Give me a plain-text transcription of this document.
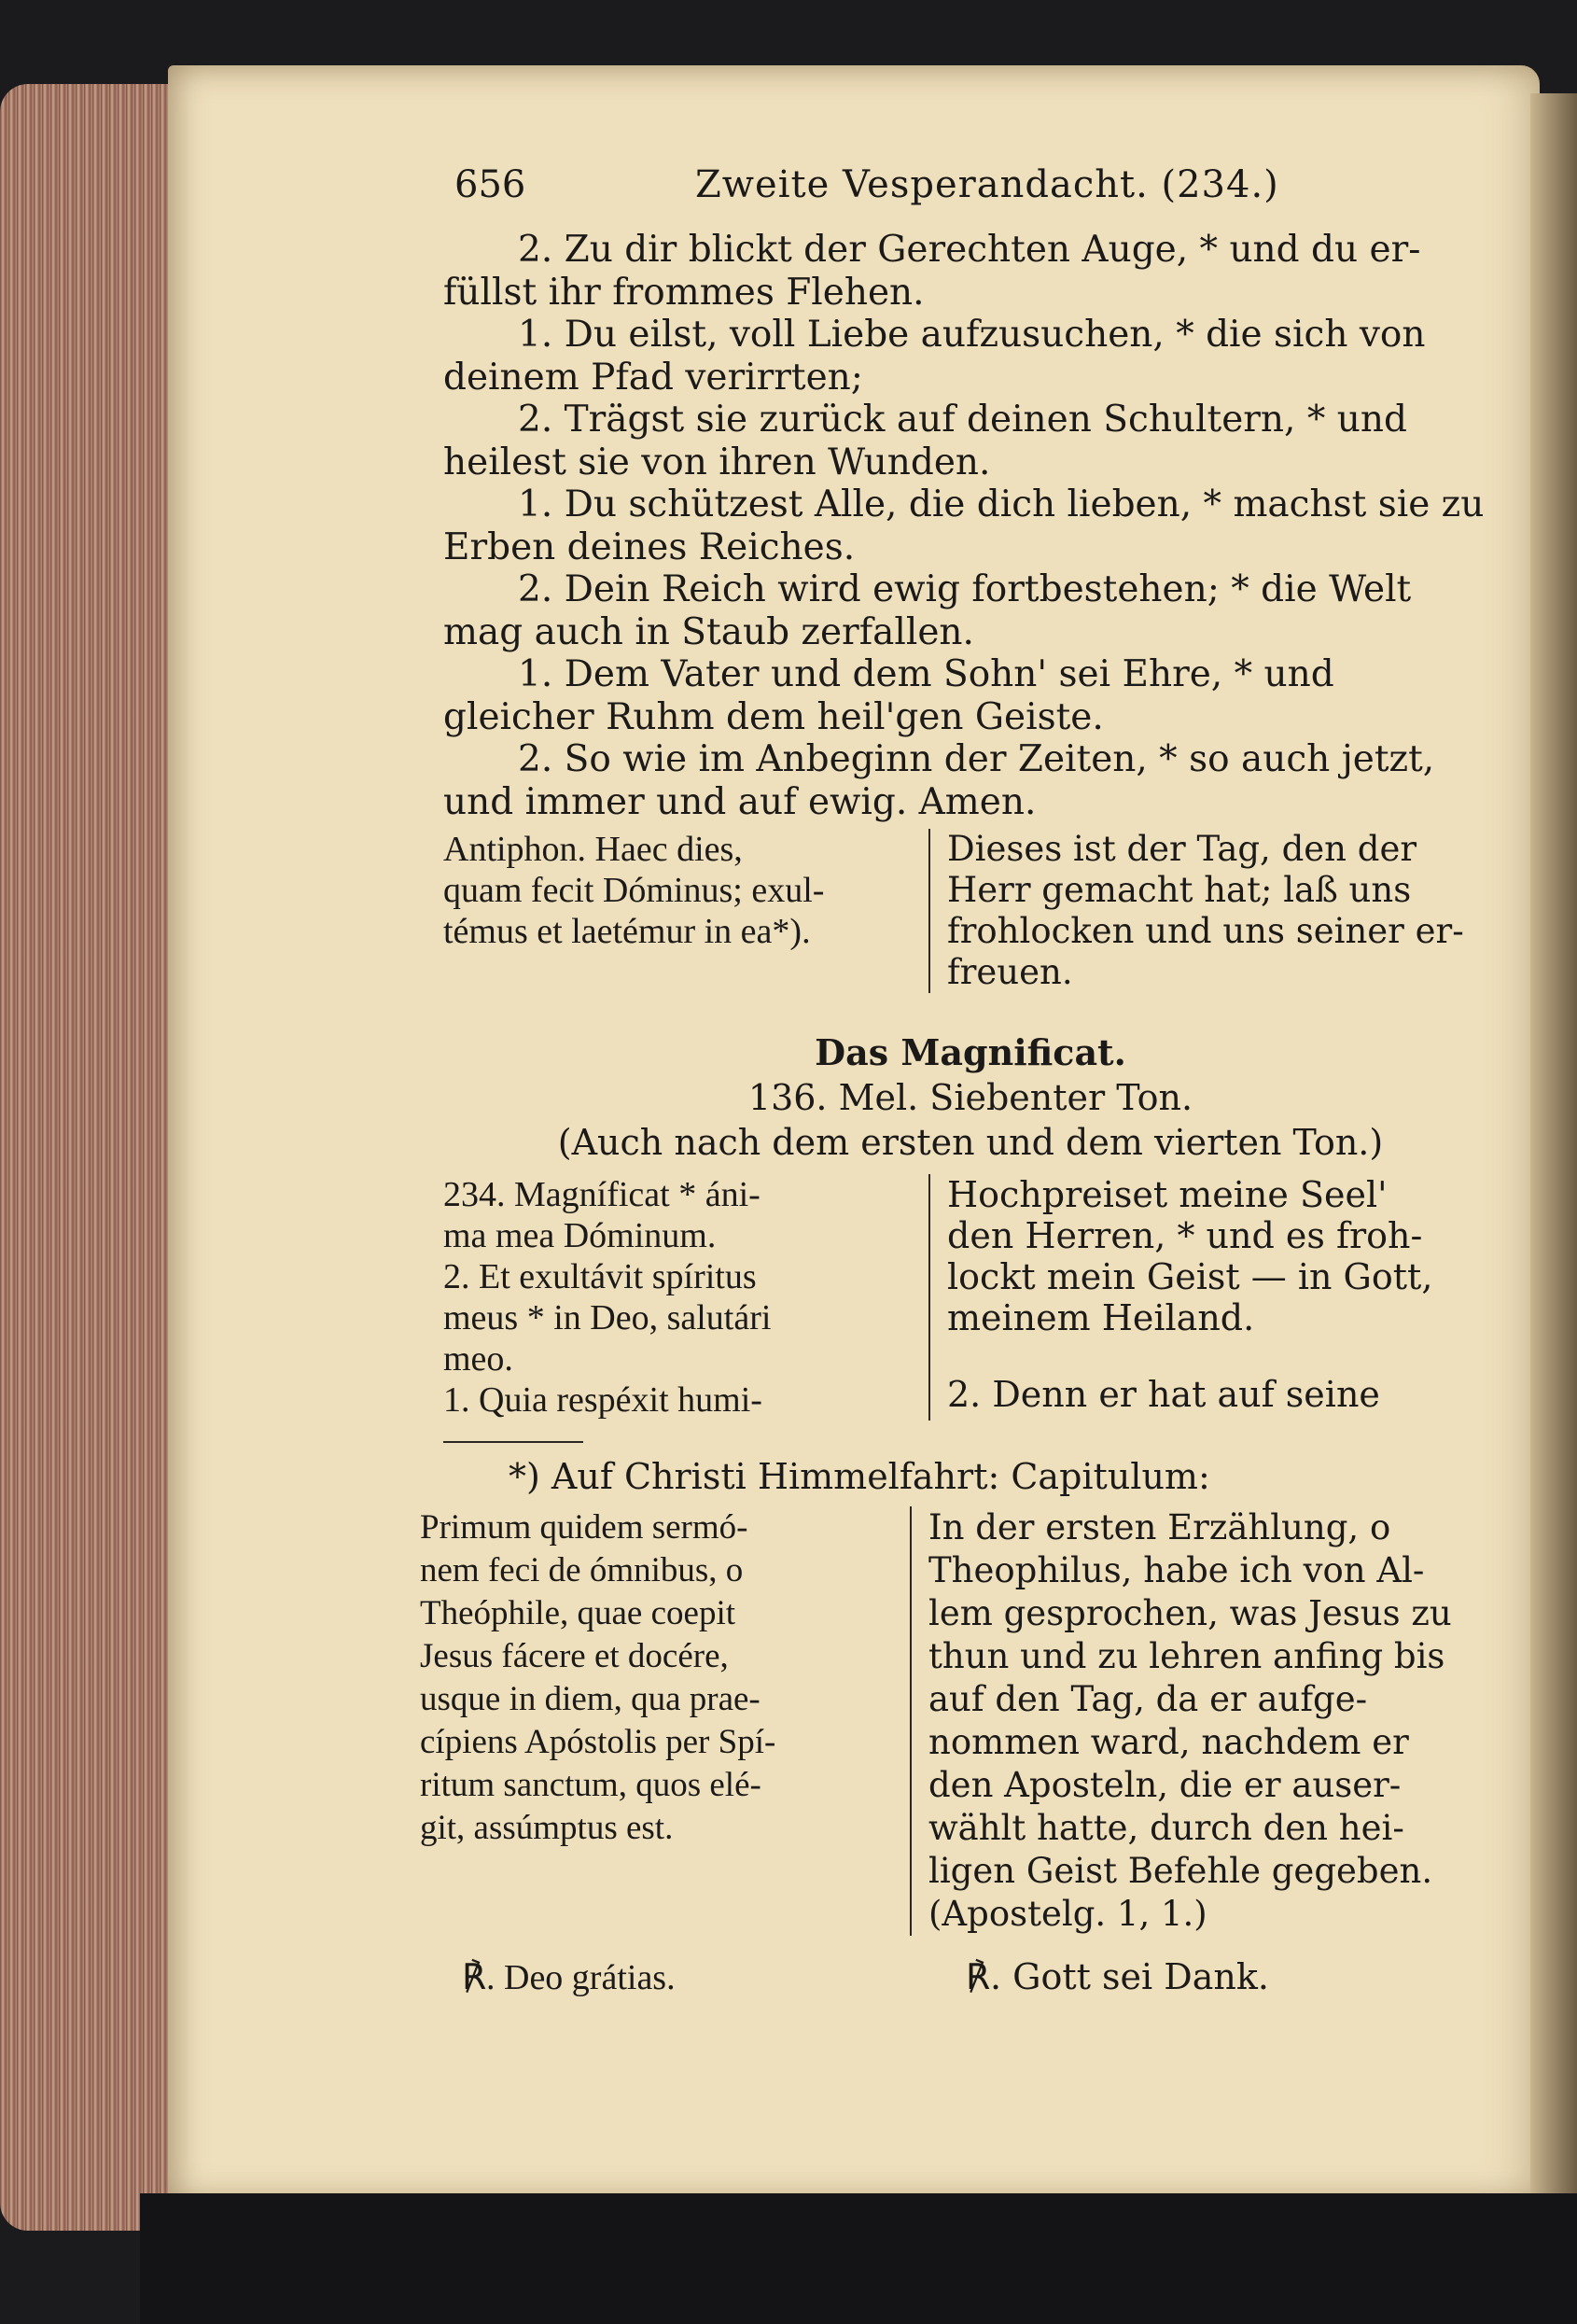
656	Zweite Vesperandacht. (234.)
2. Zu dir blickt der Gerechten Auge, * und du er-
füllst ihr frommes Flehen.
1. Du eilst, voll Liebe aufzusuchen, * die sich von
deinem Pfad verirrten;
2. Trägst sie zurück auf deinen Schultern, * und
heilest sie von ihren Wunden.
1. Du schützest Alle, die dich lieben, * machst sie zu
Erben deines Reiches.
2. Dein Reich wird ewig fortbestehen; * die Welt
mag auch in Staub zerfallen.
1. Dem Vater und dem Sohn' sei Ehre, * und
gleicher Ruhm dem heil'gen Geiste.
2. So wie im Anbeginn der Zeiten, * so auch jetzt,
und immer und auf ewig. Amen.
Antiphon. Haec dies,
quam fecit Dóminus; exul-
témus et laetémur in ea*).
Dieses ist der Tag, den der
Herr gemacht hat; laß uns
frohlocken und uns seiner er-
freuen.
Das Magnificat.
136. Mel. Siebenter Ton.
(Auch nach dem ersten und dem vierten Ton.)
234. Magníficat * áni-
ma mea Dóminum.
2. Et exultávit spíritus
meus * in Deo, salutári
meo.
1. Quia respéxit humi-
Hochpreiset meine Seel'
den Herren, * und es froh-
lockt mein Geist — in Gott,
meinem Heiland.
2. Denn er hat auf seine
*) Auf Christi Himmelfahrt: Capitulum:
Primum quidem sermó-
nem feci de ómnibus, o
Theóphile, quae coepit
Jesus fácere et docére,
usque in diem, qua prae-
cípiens Apóstolis per Spí-
ritum sanctum, quos elé-
git, assúmptus est.
In der ersten Erzählung, o
Theophilus, habe ich von Al-
lem gesprochen, was Jesus zu
thun und zu lehren anfing bis
auf den Tag, da er aufge-
nommen ward, nachdem er
den Aposteln, die er auser-
wählt hatte, durch den hei-
ligen Geist Befehle gegeben.
(Apostelg. 1, 1.)
℟. Deo grátias.	℟. Gott sei Dank.
